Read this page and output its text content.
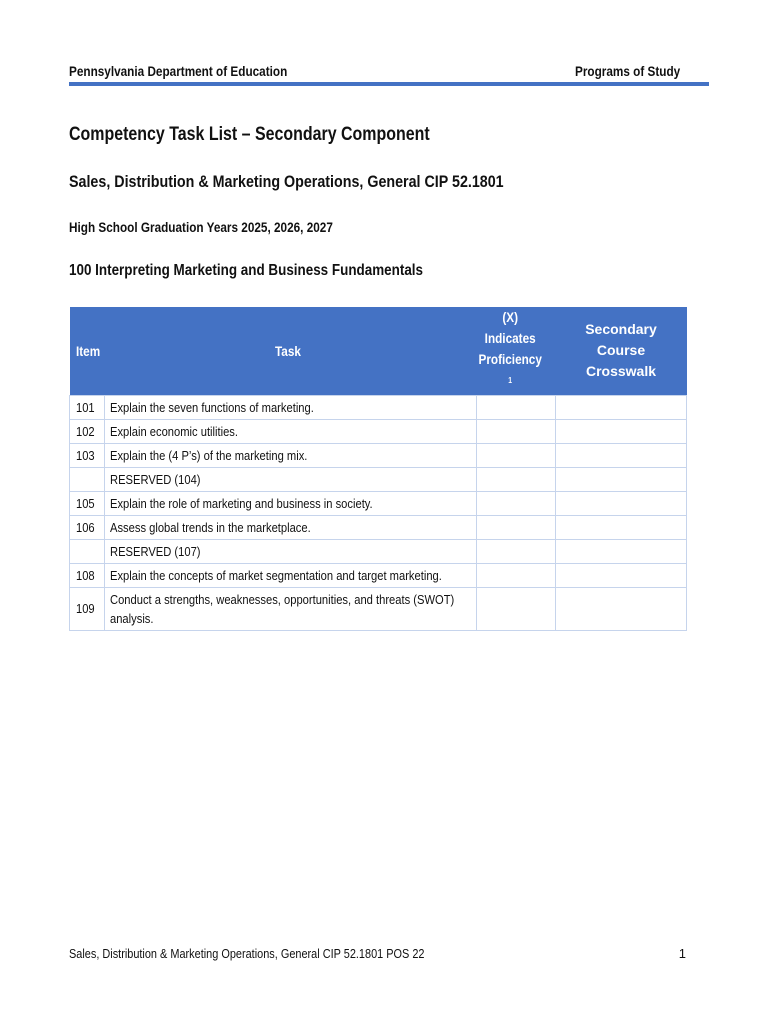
Pennsylvania Department of Education	Programs of Study
Competency Task List – Secondary Component
Sales, Distribution & Marketing Operations, General CIP 52.1801
High School Graduation Years 2025, 2026, 2027
100 Interpreting Marketing and Business Fundamentals
Item	Task	(X) Indicates Proficiency $^1$	Secondary Course Crosswalk

101	Explain the seven functions of marketing.		
102	Explain economic utilities.		
103	Explain the (4 P’s) of the marketing mix.		
	RESERVED (104)		
105	Explain the role of marketing and business in society.		
106	Assess global trends in the marketplace.		
	RESERVED (107)		
108	Explain the concepts of market segmentation and target marketing.		
109	Conduct a strengths, weaknesses, opportunities, and threats (SWOT) analysis.		
Sales, Distribution & Marketing Operations, General CIP 52.1801 POS 22	1
